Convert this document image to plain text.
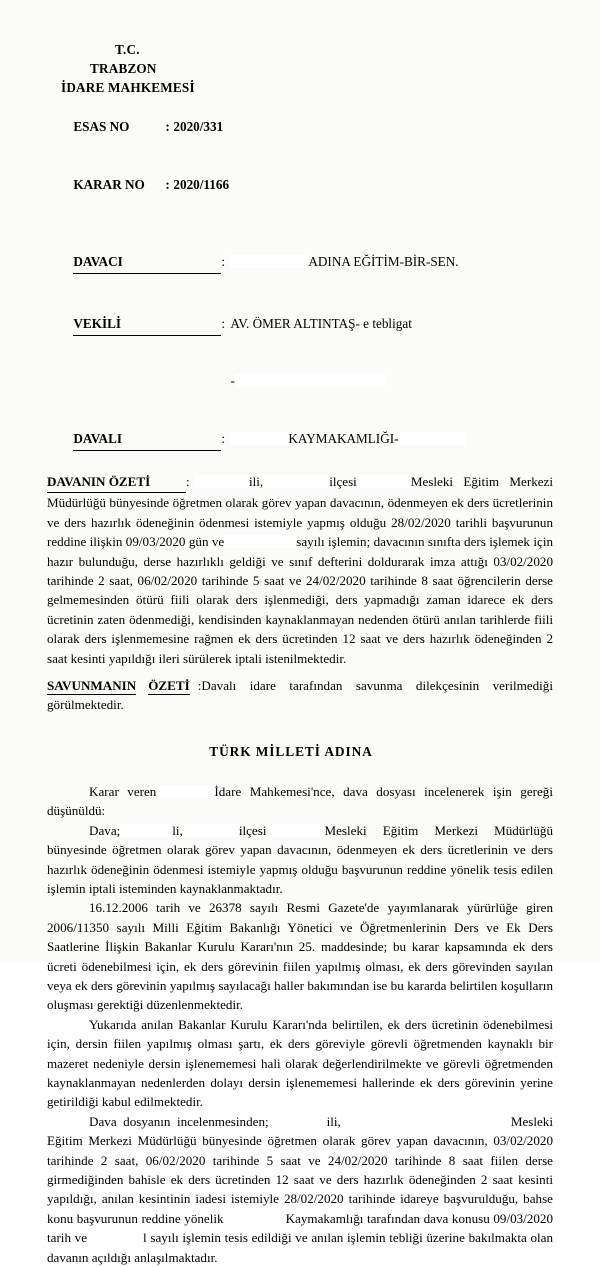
T.C.
TRABZON
İDARE MAHKEMESİ

ESAS NO	: 2020/331

KARAR NO : 2020/1166

DAVACI	:	ADINA EĞİTİM-BİR-SEN.

VEKİLİ	: AV. ÖMER ALTINTAŞ- e tebligat

-

DAVALI	:	KAYMAKAMLIĞI-

DAVANIN ÖZETİ	:	ili,	ilçesi	Mesleki Eğitim Merkezi Müdürlüğü bünyesinde öğretmen olarak görev yapan davacının, ödenmeyen ek ders ücretlerinin ve ders hazırlık ödeneğinin ödenmesi istemiyle yapmış olduğu 28/02/2020 tarihli başvurunun reddine ilişkin 09/03/2020 gün ve	sayılı işlemin; davacının sınıfta ders işlemek için hazır bulunduğu, derse hazırlıklı geldiği ve sınıf defterini doldurarak imza attığı 03/02/2020 tarihinde 2 saat, 06/02/2020 tarihinde 5 saat ve 24/02/2020 tarihinde 8 saat öğrencilerin derse gelmemesinden ötürü fiili olarak ders işlenmediği, ders yapmadığı zaman idarece ek ders ücretinin zaten ödenmediği, kendisinden kaynaklanmayan nedenden ötürü anılan tarihlerde fiili olarak ders işlenmemesine rağmen ek ders ücretinden 12 saat ve ders hazırlık ödeneğinden 2 saat kesinti yapıldığı ileri sürülerek iptali istenilmektedir.

SAVUNMANIN ÖZETİ :Davalı idare tarafından savunma dilekçesinin verilmediği görülmektedir.

TÜRK MİLLETİ ADINA

Karar veren	İdare Mahkemesi'nce, dava dosyası incelenerek işin gereği düşünüldü:

Dava;	li,	ilçesi	Mesleki Eğitim Merkezi Müdürlüğü bünyesinde öğretmen olarak görev yapan davacının, ödenmeyen ek ders ücretlerinin ve ders hazırlık ödeneğinin ödenmesi istemiyle yapmış olduğu başvurunun reddine yönelik tesis edilen işlemin iptali isteminden kaynaklanmaktadır.

16.12.2006 tarih ve 26378 sayılı Resmi Gazete'de yayımlanarak yürürlüğe giren 2006/11350 sayılı Milli Eğitim Bakanlığı Yönetici ve Öğretmenlerinin Ders ve Ek Ders Saatlerine İlişkin Bakanlar Kurulu Kararı'nın 25. maddesinde; bu karar kapsamında ek ders ücreti ödenebilmesi için, ek ders görevinin fiilen yapılmış olması, ek ders görevinden sayılan veya ek ders görevinin yapılmış sayılacağı haller bakımından ise bu kararda belirtilen koşulların oluşması gerektiği düzenlenmektedir.

Yukarıda anılan Bakanlar Kurulu Kararı'nda belirtilen, ek ders ücretinin ödenebilmesi için, dersin fiilen yapılmış olması şartı, ek ders göreviyle görevli öğretmenden kaynaklı bir mazeret nedeniyle dersin işlenememesi hali olarak değerlendirilmekte ve görevli öğretmenden kaynaklanmayan nedenlerden dolayı dersin işlenememesi hallerinde ek ders görevinin yerine getirildiği kabul edilmektedir.

Dava dosyanın incelenmesinden;	ili,	Mesleki Eğitim Merkezi Müdürlüğü bünyesinde öğretmen olarak görev yapan davacının, 03/02/2020 tarihinde 2 saat, 06/02/2020 tarihinde 5 saat ve 24/02/2020 tarihinde 8 saat fiilen derse girmediğinden bahisle ek ders ücretinden 12 saat ve ders hazırlık ödeneğinden 2 saat kesinti yapıldığı, anılan kesintinin iadesi istemiyle 28/02/2020 tarihinde idareye başvurulduğu, bahse konu başvurunun reddine yönelik	Kaymakamlığı tarafından dava konusu 09/03/2020 tarih ve	l sayılı işlemin tesis edildiği ve anılan işlemin tebliği üzerine bakılmakta olan davanın açıldığı anlaşılmaktadır.
